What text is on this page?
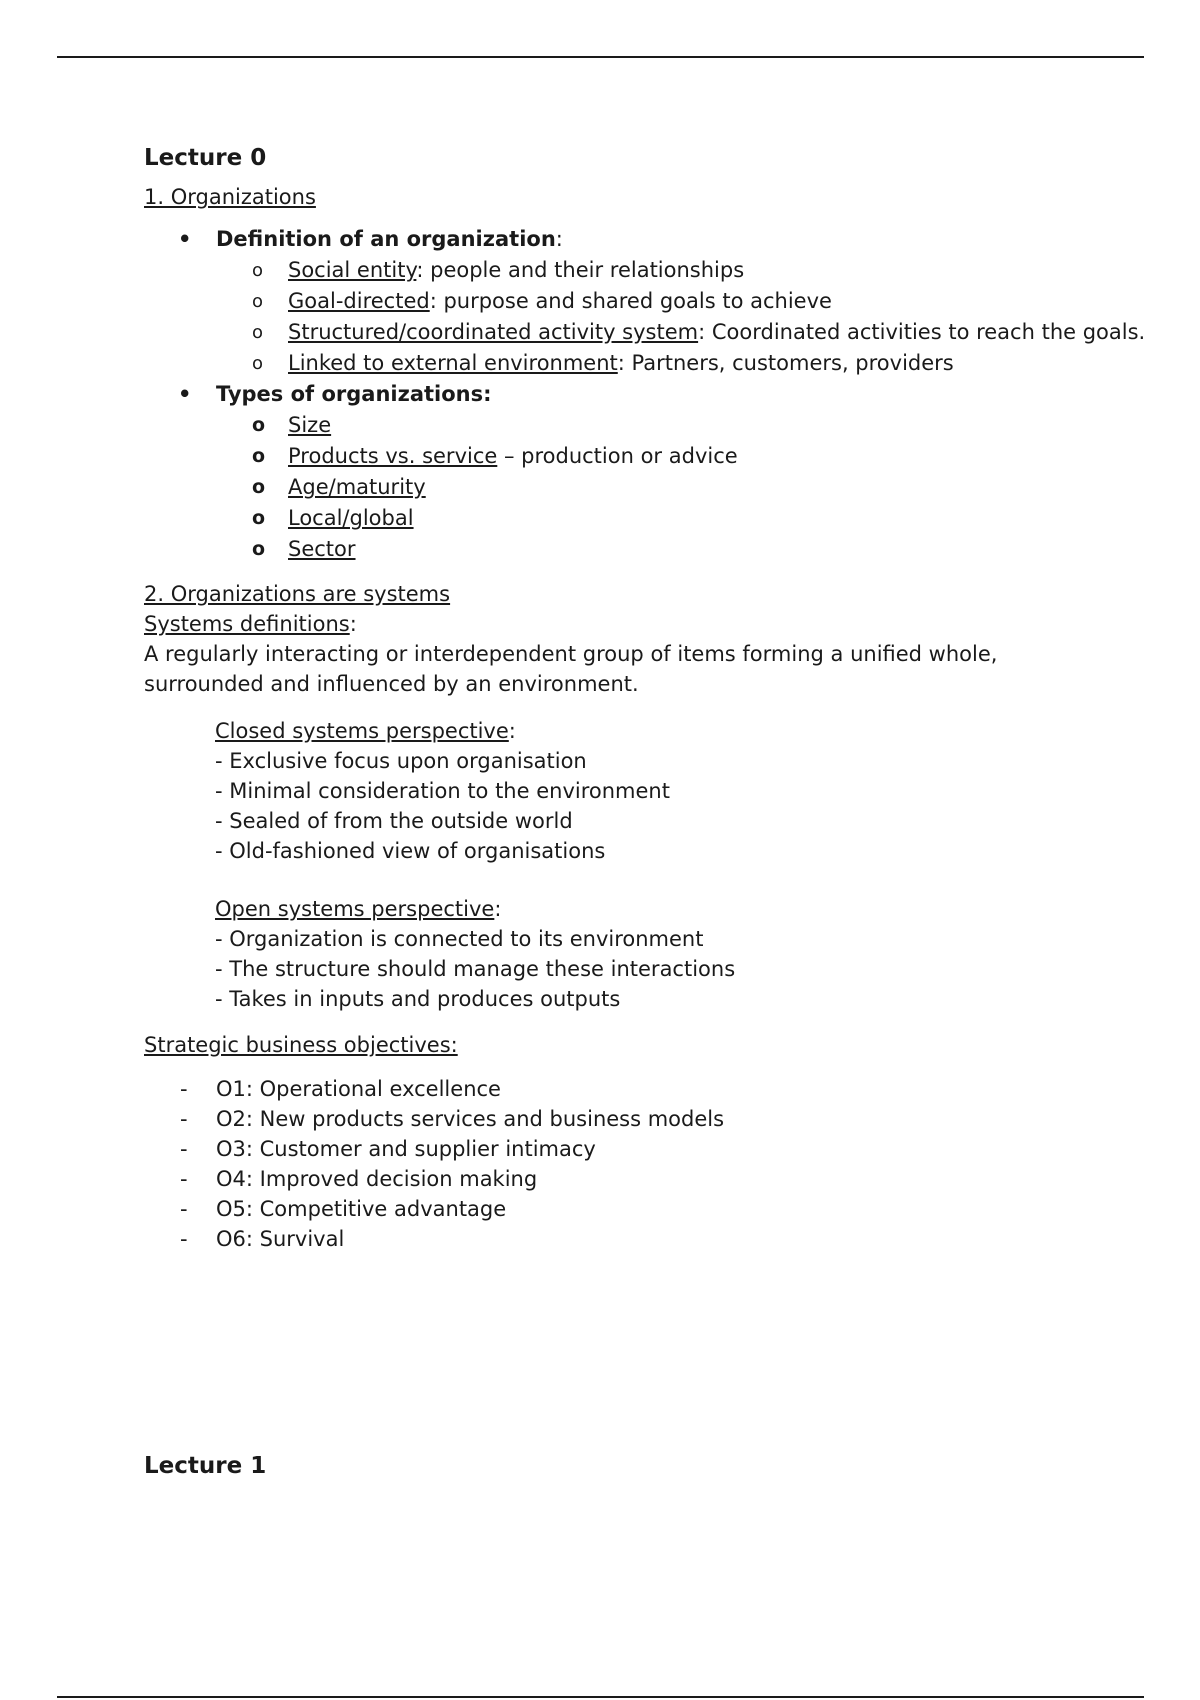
Lecture 0

1. Organizations

• Definition of an organization:
o Social entity: people and their relationships
o Goal-directed: purpose and shared goals to achieve
o Structured/coordinated activity system: Coordinated activities to reach the goals.
o Linked to external environment: Partners, customers, providers
• Types of organizations:
o Size
o Products vs. service – production or advice
o Age/maturity
o Local/global
o Sector

2. Organizations are systems

Systems definitions:

A regularly interacting or interdependent group of items forming a unified whole, surrounded and influenced by an environment.

Closed systems perspective:
- Exclusive focus upon organisation
- Minimal consideration to the environment
- Sealed of from the outside world
- Old-fashioned view of organisations
Open systems perspective:
- Organization is connected to its environment
- The structure should manage these interactions
- Takes in inputs and produces outputs

Strategic business objectives:

- O1: Operational excellence
- O2: New products services and business models
- O3: Customer and supplier intimacy
- O4: Improved decision making
- O5: Competitive advantage
- O6: Survival
Lecture 1
